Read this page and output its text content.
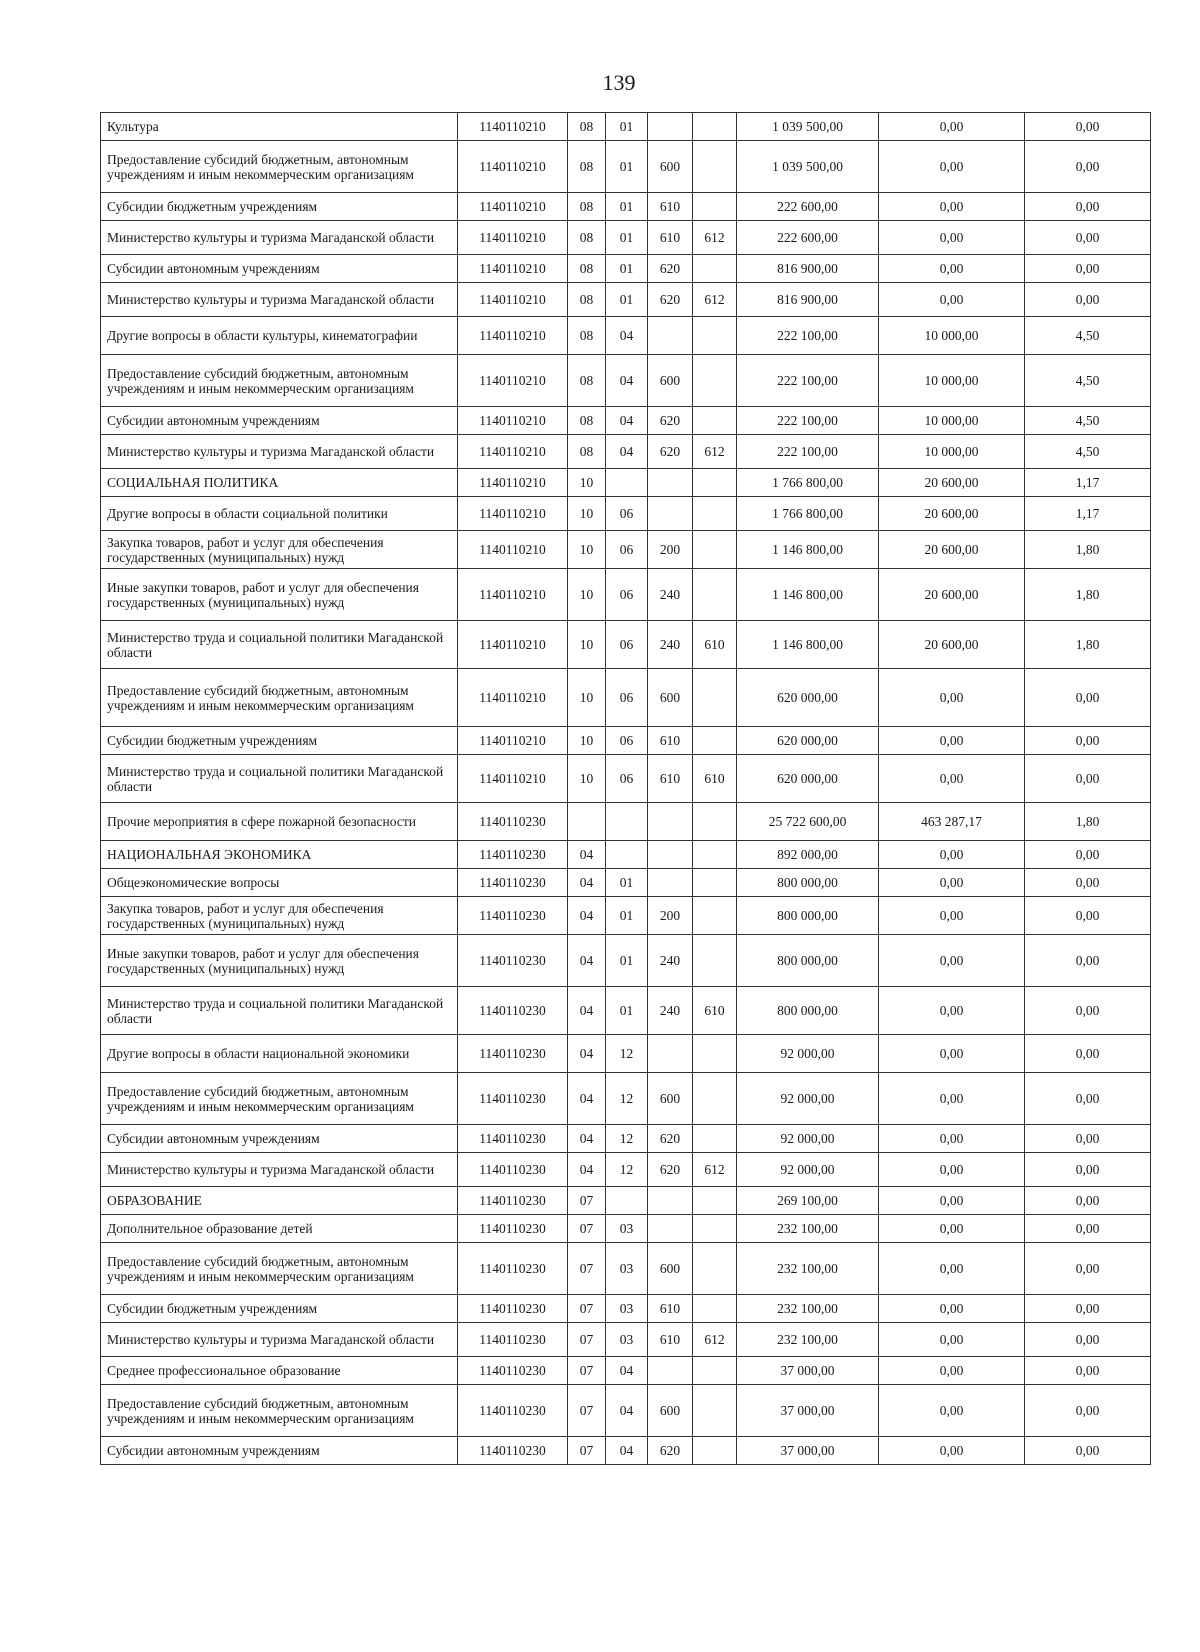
139
Культура	1140110210	08	01			1 039 500,00	0,00	0,00
Предоставление субсидий бюджетным, автономным учреждениям и иным некоммерческим организациям	1140110210	08	01	600		1 039 500,00	0,00	0,00
Субсидии бюджетным учреждениям	1140110210	08	01	610		222 600,00	0,00	0,00
Министерство культуры и туризма Магаданской области	1140110210	08	01	610	612	222 600,00	0,00	0,00
Субсидии автономным учреждениям	1140110210	08	01	620		816 900,00	0,00	0,00
Министерство культуры и туризма Магаданской области	1140110210	08	01	620	612	816 900,00	0,00	0,00
Другие вопросы в области культуры, кинематографии	1140110210	08	04			222 100,00	10 000,00	4,50
Предоставление субсидий бюджетным, автономным учреждениям и иным некоммерческим организациям	1140110210	08	04	600		222 100,00	10 000,00	4,50
Субсидии автономным учреждениям	1140110210	08	04	620		222 100,00	10 000,00	4,50
Министерство культуры и туризма Магаданской области	1140110210	08	04	620	612	222 100,00	10 000,00	4,50
СОЦИАЛЬНАЯ ПОЛИТИКА	1140110210	10				1 766 800,00	20 600,00	1,17
Другие вопросы в области социальной политики	1140110210	10	06			1 766 800,00	20 600,00	1,17
Закупка товаров, работ и услуг для обеспечения государственных (муниципальных) нужд	1140110210	10	06	200		1 146 800,00	20 600,00	1,80
Иные закупки товаров, работ и услуг для обеспечения государственных (муниципальных) нужд	1140110210	10	06	240		1 146 800,00	20 600,00	1,80
Министерство труда и социальной политики Магаданской области	1140110210	10	06	240	610	1 146 800,00	20 600,00	1,80
Предоставление субсидий бюджетным, автономным учреждениям и иным некоммерческим организациям	1140110210	10	06	600		620 000,00	0,00	0,00
Субсидии бюджетным учреждениям	1140110210	10	06	610		620 000,00	0,00	0,00
Министерство труда и социальной политики Магаданской области	1140110210	10	06	610	610	620 000,00	0,00	0,00
Прочие мероприятия в сфере пожарной безопасности	1140110230					25 722 600,00	463 287,17	1,80
НАЦИОНАЛЬНАЯ ЭКОНОМИКА	1140110230	04				892 000,00	0,00	0,00
Общеэкономические вопросы	1140110230	04	01			800 000,00	0,00	0,00
Закупка товаров, работ и услуг для обеспечения государственных (муниципальных) нужд	1140110230	04	01	200		800 000,00	0,00	0,00
Иные закупки товаров, работ и услуг для обеспечения государственных (муниципальных) нужд	1140110230	04	01	240		800 000,00	0,00	0,00
Министерство труда и социальной политики Магаданской области	1140110230	04	01	240	610	800 000,00	0,00	0,00
Другие вопросы в области национальной экономики	1140110230	04	12			92 000,00	0,00	0,00
Предоставление субсидий бюджетным, автономным учреждениям и иным некоммерческим организациям	1140110230	04	12	600		92 000,00	0,00	0,00
Субсидии автономным учреждениям	1140110230	04	12	620		92 000,00	0,00	0,00
Министерство культуры и туризма Магаданской области	1140110230	04	12	620	612	92 000,00	0,00	0,00
ОБРАЗОВАНИЕ	1140110230	07				269 100,00	0,00	0,00
Дополнительное образование детей	1140110230	07	03			232 100,00	0,00	0,00
Предоставление субсидий бюджетным, автономным учреждениям и иным некоммерческим организациям	1140110230	07	03	600		232 100,00	0,00	0,00
Субсидии бюджетным учреждениям	1140110230	07	03	610		232 100,00	0,00	0,00
Министерство культуры и туризма Магаданской области	1140110230	07	03	610	612	232 100,00	0,00	0,00
Среднее профессиональное образование	1140110230	07	04			37 000,00	0,00	0,00
Предоставление субсидий бюджетным, автономным учреждениям и иным некоммерческим организациям	1140110230	07	04	600		37 000,00	0,00	0,00
Субсидии автономным учреждениям	1140110230	07	04	620		37 000,00	0,00	0,00
